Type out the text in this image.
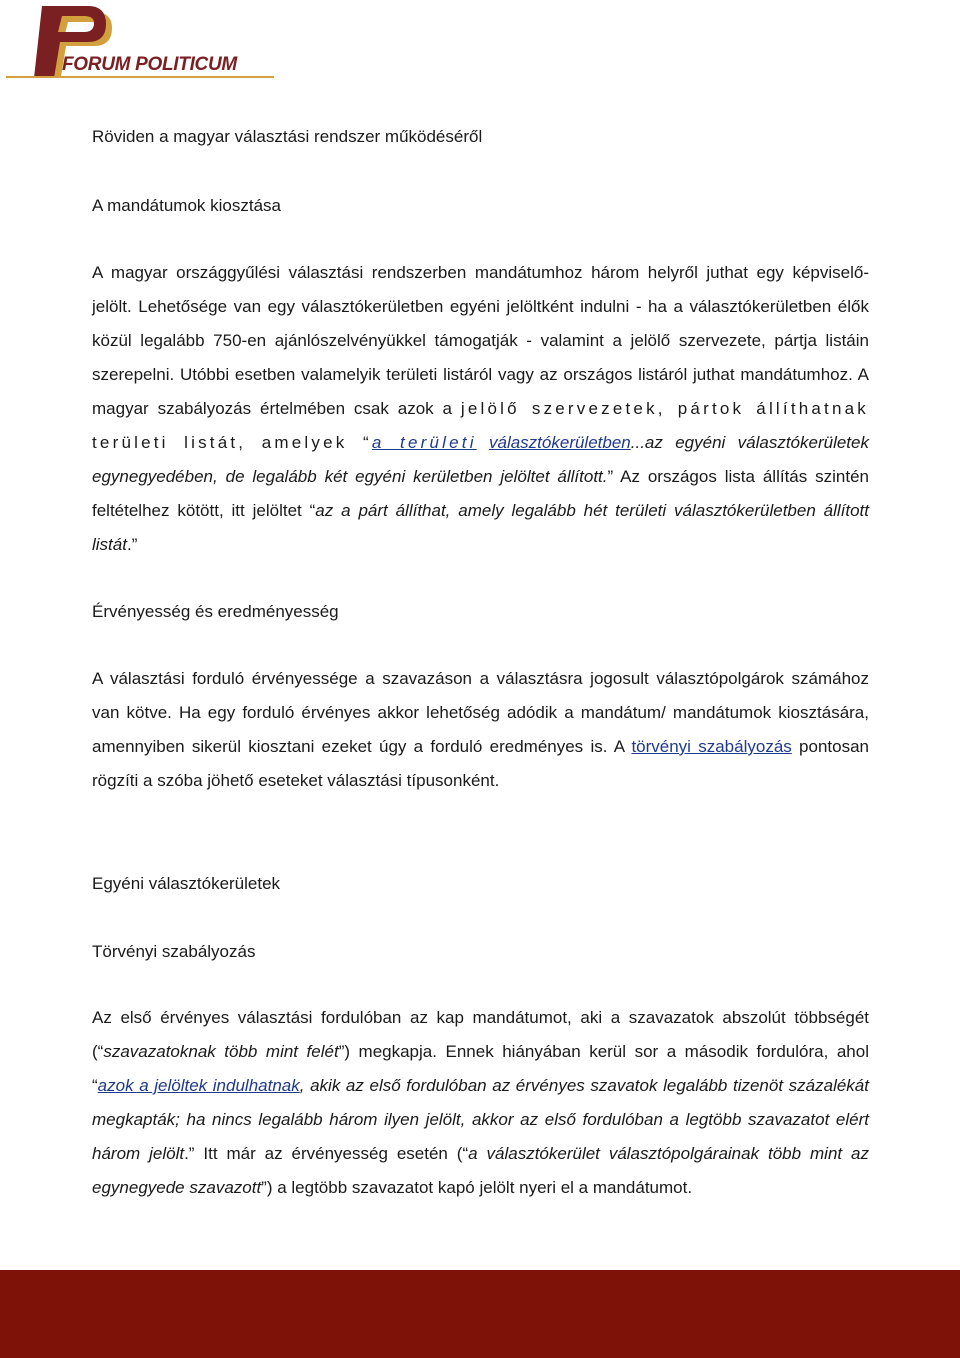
FORUM POLITICUM
Röviden a magyar választási rendszer működéséről
A mandátumok kiosztása
A magyar országgyűlési választási rendszerben mandátumhoz három helyről juthat egy képviselő-jelölt. Lehetősége van egy választókerületben egyéni jelöltként indulni - ha a választókerületben élők közül legalább 750-en ajánlószelvényükkel támogatják - valamint a jelölő szervezete, pártja listáin szerepelni. Utóbbi esetben valamelyik területi listáról vagy az országos listáról juthat mandátumhoz. A magyar szabályozás értelmében csak azok a jelölő szervezetek, pártok állíthatnak területi listát, amelyek “a területi választókerületben...az egyéni választókerületek egynegyedében, de legalább két egyéni kerületben jelöltet állított.” Az országos lista állítás szintén feltételhez kötött, itt jelöltet “az a párt állíthat, amely legalább hét területi választókerületben állított listát.”
Érvényesség és eredményesség
A választási forduló érvényessége a szavazáson a választásra jogosult választópolgárok számához van kötve. Ha egy forduló érvényes akkor lehetőség adódik a mandátum/ mandátumok kiosztására, amennyiben sikerül kiosztani ezeket úgy a forduló eredményes is. A törvényi szabályozás pontosan rögzíti a szóba jöhető eseteket választási típusonként.
Egyéni választókerületek
Törvényi szabályozás
Az első érvényes választási fordulóban az kap mandátumot, aki a szavazatok abszolút többségét (“szavazatoknak több mint felét”) megkapja. Ennek hiányában kerül sor a második fordulóra, ahol “azok a jelöltek indulhatnak, akik az első fordulóban az érvényes szavatok legalább tizenöt százalékát megkapták; ha nincs legalább három ilyen jelölt, akkor az első fordulóban a legtöbb szavazatot elért három jelölt.” Itt már az érvényesség esetén (“a választókerület választópolgárainak több mint az egynegyede szavazott”) a legtöbb szavazatot kapó jelölt nyeri el a mandátumot.
